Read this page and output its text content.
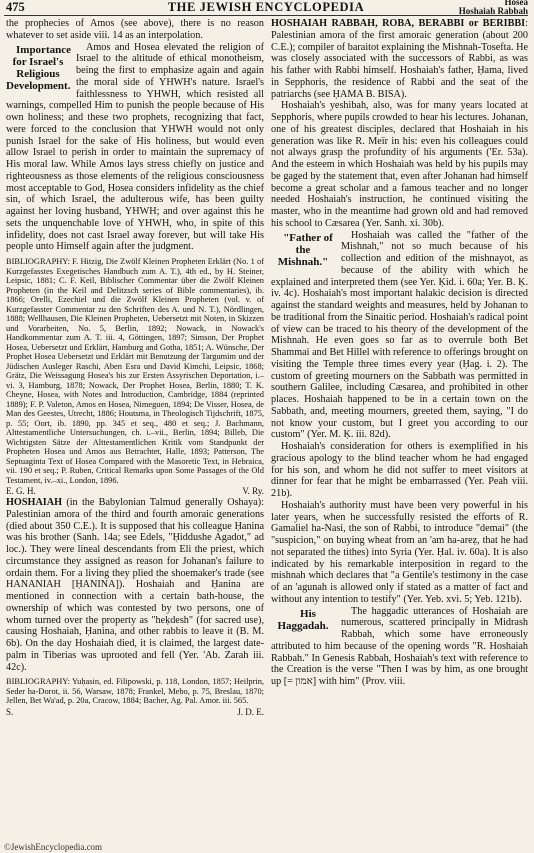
475	THE JEWISH ENCYCLOPEDIA	Hosea
Hoshaiah Rabbah

the prophecies of Amos (see above), there is no reason whatever to set aside viii. 14 as an interpolation.

Importance for Israel's Religious Development.
Amos and Hosea elevated the religion of Israel to the altitude of ethical monotheism, being the first to emphasize again and again the moral side of YHWH's nature. Israel's faithlessness to YHWH, which resisted all warnings, compelled Him to punish the people because of His own holiness; and these two prophets, recognizing that fact, were forced to the conclusion that YHWH would not only punish Israel for the sake of His holiness, but would even allow Israel to perish in order to maintain the supremacy of His moral law. While Amos lays stress chiefly on justice and righteousness as those elements of the religious consciousness most acceptable to God, Hosea considers infidelity as the chief sin, of which Israel, the adulterous wife, has been guilty against her loving husband, YHWH; and over against this he sets the unquenchable love of YHWH, who, in spite of this infidelity, does not cast Israel away forever, but will take His people unto Himself again after the judgment.

BIBLIOGRAPHY: F. Hitzig, Die Zwölf Kleinen Propheten Erklärt (No. 1 of Kurzgefasstes Exegetisches Handbuch zum A. T.), 4th ed., by H. Steiner, Leipsic, 1881; C. F. Keil, Biblischer Commentar über die Zwölf Kleinen Propheten (in the Keil and Delitzsch series of Bible commentaries), ib. 1866; Orelli, Ezechiel und die Zwölf Kleinen Propheten (vol. v. of Kurzgefasster Commentar zu den Schriften des A. und N. T.), Nördlingen, 1888; Wellhausen, Die Kleinen Propheten, Uebersetzt mit Noten, in Skizzen und Vorarbeiten, No. 5, Berlin, 1892; Nowack, in Nowack's Handkommentar zum A. T. iii. 4, Göttingen, 1897; Simson, Der Prophet Hosea, Uebersetzt und Erklärt, Hamburg and Gotha, 1851; A. Wünsche, Der Prophet Hosea Uebersetzt und Erklärt mit Benutzung der Targumim und der Jüdischen Ausleger Raschi, Aben Esra und David Kimchi, Leipsic, 1868; Grätz, Die Weissagung Hosea's bis zur Ersten Assyrischen Deportation, i.–vi. 3, Hamburg, 1878; Nowack, Der Prophet Hosea, Berlin, 1880; T. K. Cheyne, Hosea, with Notes and Introduction, Cambridge, 1884 (reprinted 1889); F. P. Valeton, Amos en Hosea, Nimeguen, 1894; De Visser, Hosea, de Man des Geestes, Utrecht, 1886; Houtsma, in Theologisch Tijdschrift, 1875, p. 55; Oort, ib. 1890, pp. 345 et seq., 480 et seq.; J. Bachmann, Alttestamentliche Untersuchungen, ch. i.–vii., Berlin, 1894; Billeb, Die Wichtigsten Sätze der Alttestamentlichen Kritik vom Standpunkt der Propheten Hosea und Amos aus Betrachtet, Halle, 1893; Patterson, The Septuaginta Text of Hosea Compared with the Masoretic Text, in Hebraica, vii. 190 et seq.; P. Ruben, Critical Remarks upon Some Passages of the Old Testament, iv.–xi., London, 1896.

E. G. H.	V. Ry.

HOSHAIAH (in the Babylonian Talmud generally Oshaya): Palestinian amora of the third and fourth amoraic generations (died about 350 C.E.). It is supposed that his colleague Ḥanina was his brother (Sanh. 14a; see Edels, "Ḥiddushe Agadot," ad loc.). They were lineal descendants from Eli the priest, which circumstance they assigned as reason for Johanan's failure to ordain them. For a living they plied the shoemaker's trade (see HANANIAH [ḤANINA]). Hoshaiah and Ḥanina are mentioned in connection with a certain bath-house, the ownership of which was contested by two persons, one of whom turned over the property as "heḳdesh" (for sacred use), causing Hoshaiah, Ḥanina, and other rabbis to leave it (B. M. 6b). On the day Hoshaiah died, it is claimed, the largest date-palm in Tiberias was uprooted and fell (Yer. 'Ab. Zarah iii. 42c).

BIBLIOGRAPHY: Yuḥasin, ed. Filipowski, p. 118, London, 1857; Heilprin, Seder ha-Dorot, ii. 56, Warsaw, 1878; Frankel, Mebo, p. 75, Breslau, 1870; Jellen, Bet Wa'ad, p. 20a, Cracow, 1884; Bacher, Ag. Pal. Amor. iii. 565.

S.	J. D. E.

HOSHAIAH RABBAH, ROBA, BERABBI or BERIBBI: Palestinian amora of the first amoraic generation (about 200 C.E.); compiler of baraitot explaining the Mishnah-Tosefta. He was closely associated with the successors of Rabbi, as was his father with Rabbi himself. Hoshaiah's father, Ḥama, lived in Sepphoris, the residence of Rabbi and the seat of the patriarchs (see ḤAMA B. BISA).

Hoshaiah's yeshibah, also, was for many years located at Sepphoris, where pupils crowded to hear his lectures. Johanan, one of his greatest disciples, declared that Hoshaiah in his generation was like R. Meïr in his: even his colleagues could not always grasp the profundity of his arguments ('Er. 53a). And the esteem in which Hoshaiah was held by his pupils may be gaged by the statement that, even after Johanan had himself become a great scholar and a famous teacher and no longer needed Hoshaiah's instruction, he continued visiting the master, who in the meantime had grown old and had removed his school to Cæsarea (Yer. Sanh. xi. 30b).

"Father of the Mishnah."
Hoshaiah was called the "father of the Mishnah," not so much because of his collection and edition of the mishnayot, as because of the ability with which he explained and interpreted them (see Yer. Ḳid. i. 60a; Yer. B. Ḳ. iv. 4c). Hoshaiah's most important halakic decision is directed against the standard weights and measures, held by Johanan to be traditional from the Sinaitic period. Hoshaiah's radical point of view can be traced to his theory of the development of the Mishnah. He even goes so far as to overrule both Bet Shammai and Bet Hillel with reference to offerings brought on visiting the Temple three times every year (Ḥag. i. 2). The custom of greeting mourners on the Sabbath was permitted in southern Galilee, including Cæsarea, and prohibited in other places. Hoshaiah happened to be in a certain town on the Sabbath, and, meeting mourners, greeted them, saying, "I do not know your custom, but I greet you according to our custom" (Yer. M. Ḳ. iii. 82d).

Hoshaiah's consideration for others is exemplified in his gracious apology to the blind teacher whom he had engaged for his son, and whom he did not suffer to meet visitors at dinner for fear that he might be embarrassed (Yer. Peah viii. 21b).

Hoshaiah's authority must have been very powerful in his later years, when he successfully resisted the efforts of R. Gamaliel ha-Nasi, the son of Rabbi, to introduce "demai" (the "suspicion," on buying wheat from an 'am ha-areẓ, that he had not separated the tithes) into Syria (Yer. Ḥal. iv. 60a). It is also indicated by his remarkable interposition in regard to the mishnah which declares that "a Gentile's testimony in the case of an 'agunah is allowed only if stated as a matter of fact and without any intention to testify" (Yer. Yeb. xvi. 5; Yeb. 121b).

His Haggadah.
The haggadic utterances of Hoshaiah are numerous, scattered principally in Midrash Rabbah, which some have erroneously attributed to him because of the opening words "R. Hoshaiah Rabbah." In Genesis Rabbah, Hoshaiah's text with reference to the Creation is the verse "Then I was by him, as one brought up [= אמון] with him" (Prov. viii.

©JewishEncyclopedia.com
